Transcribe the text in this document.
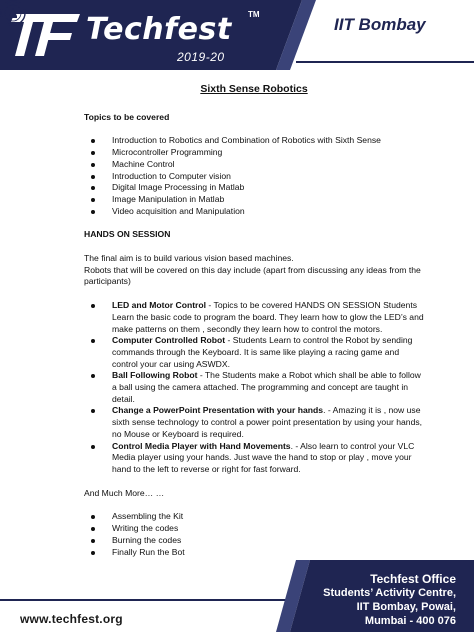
Techfest TM
2019-20
IIT Bombay
Sixth Sense Robotics
Topics to be covered
Introduction to Robotics and Combination of Robotics with Sixth Sense
Microcontroller Programming
Machine Control
Introduction to Computer vision
Digital Image Processing in Matlab
Image Manipulation in Matlab
Video acquisition and Manipulation
HANDS ON SESSION

The final aim is to build various vision based machines.

Robots that will be covered on this day include (apart from discussing any ideas from the participants)

LED and Motor Control - Topics to be covered HANDS ON SESSION Students Learn the basic code to program the board. They learn how to glow the LED’s and make patterns on them , secondly they learn how to control the motors.
Computer Controlled Robot - Students Learn to control the Robot by sending commands through the Keyboard. It is same like playing a racing game and control your car using ASWDX.
Ball Following Robot - The Students make a Robot which shall be able to follow a ball using the camera attached. The programming and concept are taught in detail.
Change a PowerPoint Presentation with your hands. - Amazing it is , now use sixth sense technology to control a power point presentation by using your hands, no Mouse or Keyboard is required.
Control Media Player with Hand Movements. - Also learn to control your VLC Media player using your hands. Just wave the hand to stop or play , move your hand to the left to reverse or right for fast forward.

And Much More… …

Assembling the Kit
Writing the codes
Burning the codes
Finally Run the Bot
www.techfest.org
Techfest Office
Students’ Activity Centre,
IIT Bombay, Powai,
Mumbai - 400 076
